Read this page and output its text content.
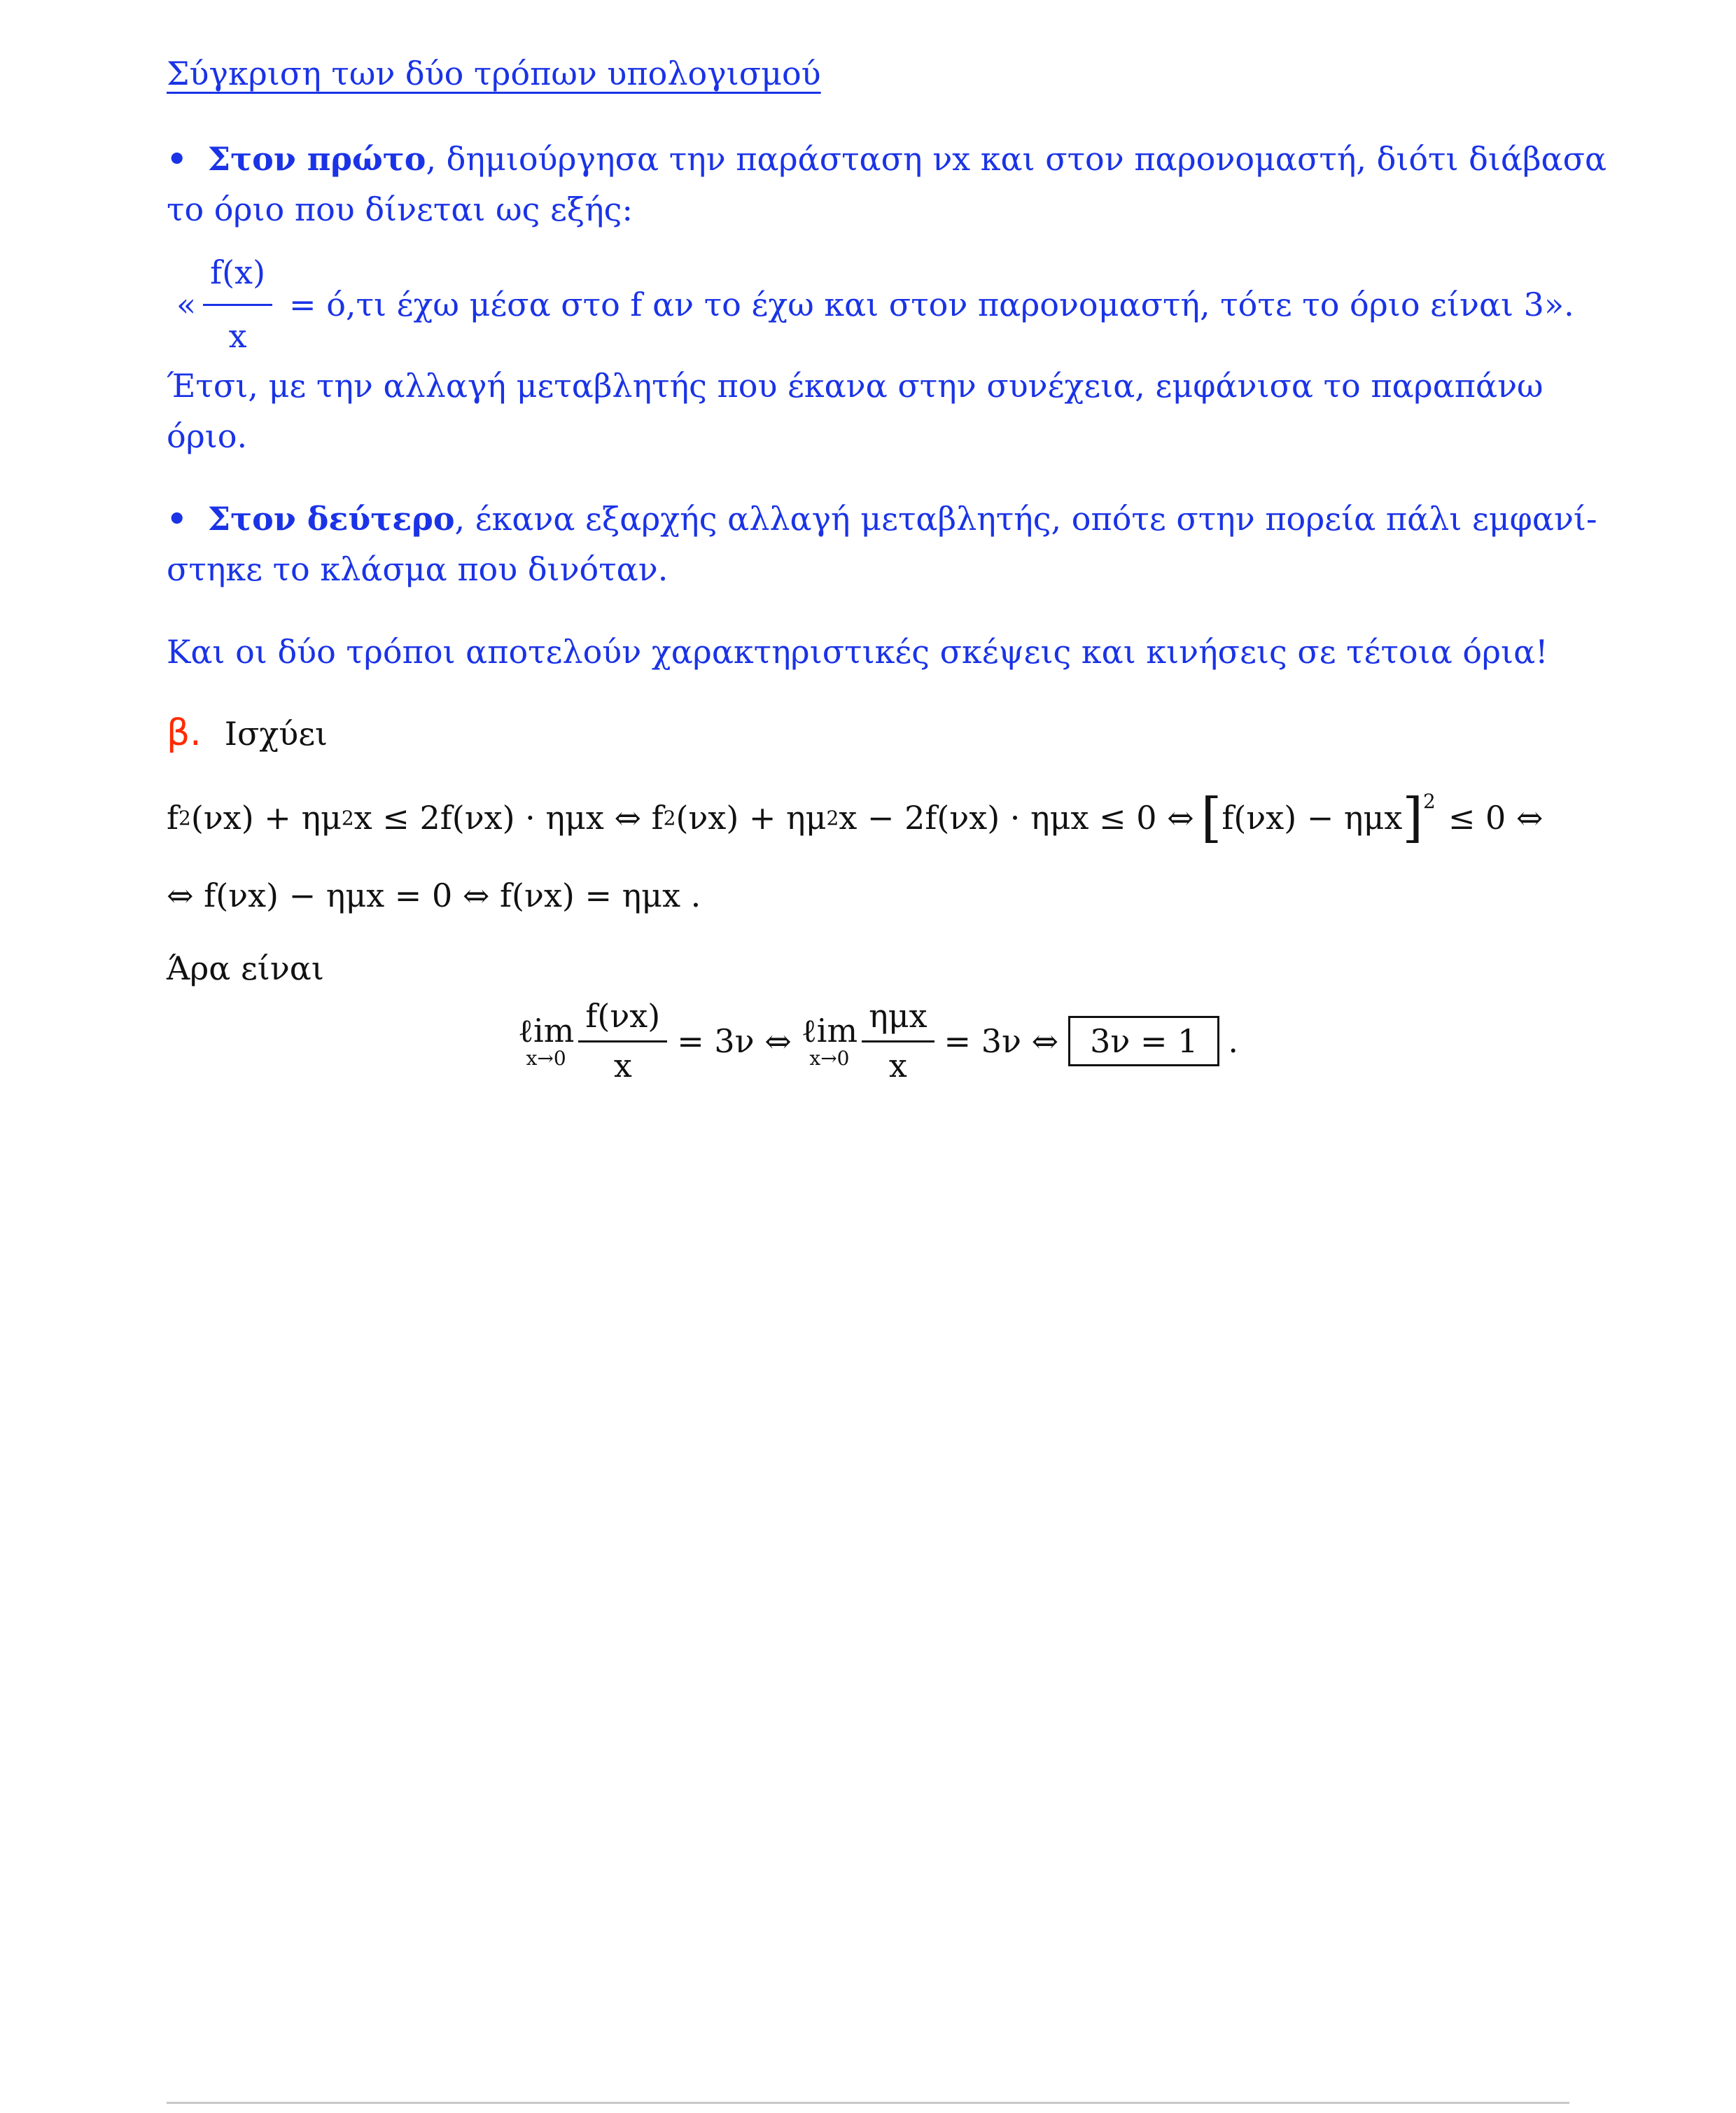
Σύγκριση των δύο τρόπων υπολογισμού
• Στον πρώτο, δημιούργησα την παράσταση νx και στον παρονομαστή, διότι διάβασα
το όριο που δίνεται ως εξής:
« $\frac{f(x)}{x} = ό,\tau\iota$ έχω μέσα στο f αν το έχω και στον παρονομαστή, τότε το όριο είναι 3».
Έτσι, με την αλλαγή μεταβλητής που έκανα στην συνέχεια, εμφάνισα το παραπάνω
όριο.
• Στον δεύτερο, έκανα εξαρχής αλλαγή μεταβλητής, οπότε στην πορεία πάλι εμφανί-
στηκε το κλάσμα που δινόταν.
Και οι δύο τρόποι αποτελούν χαρακτηριστικές σκέψεις και κινήσεις σε τέτοια όρια!
β. Ισχύει
f 2 (νx) + ημ 2 x ≤ 2f(νx) · ημx ⇔ f 2 (νx) + ημ 2 x − 2f(νx) · ημx ≤ 0 ⇔ [ f(νx) − ημx ]$^2$ ≤ 0 ⇔
⇔ f(νx) − ημx = 0 ⇔ f(νx) = ημx .
Άρα είναι
ℓim
$x\to 0 \frac{f(\nu x)}{x} = 3\nu$ ⇔ ℓim
$x\to 0 \frac{\text{ημx}}{x} = 3\nu$ ⇔ 3ν = 1 .
